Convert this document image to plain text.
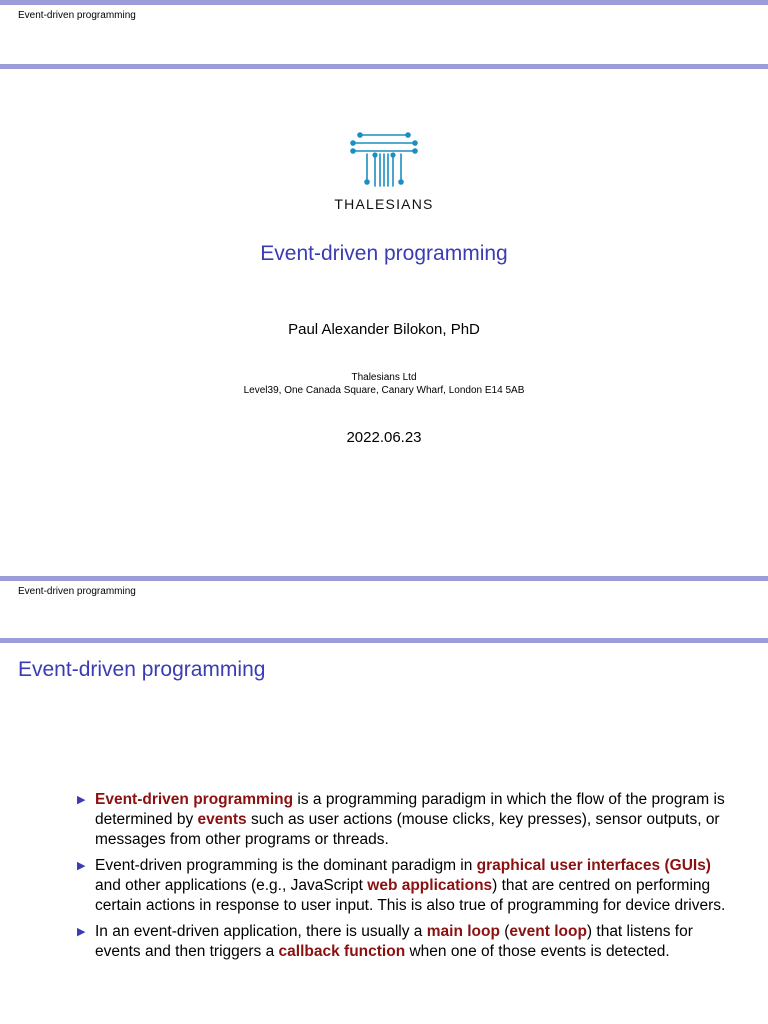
Event-driven programming
THALESIANS
Event-driven programming
Paul Alexander Bilokon, PhD
Thalesians Ltd
Level39, One Canada Square, Canary Wharf, London E14 5AB
2022.06.23
Event-driven programming
Event-driven programming
▶ Event-driven programming is a programming paradigm in which the flow of the program is determined by events such as user actions (mouse clicks, key presses), sensor outputs, or messages from other programs or threads.
▶ Event-driven programming is the dominant paradigm in graphical user interfaces (GUIs) and other applications (e.g., JavaScript web applications) that are centred on performing certain actions in response to user input. This is also true of programming for device drivers.
▶ In an event-driven application, there is usually a main loop (event loop) that listens for events and then triggers a callback function when one of those events is detected.
